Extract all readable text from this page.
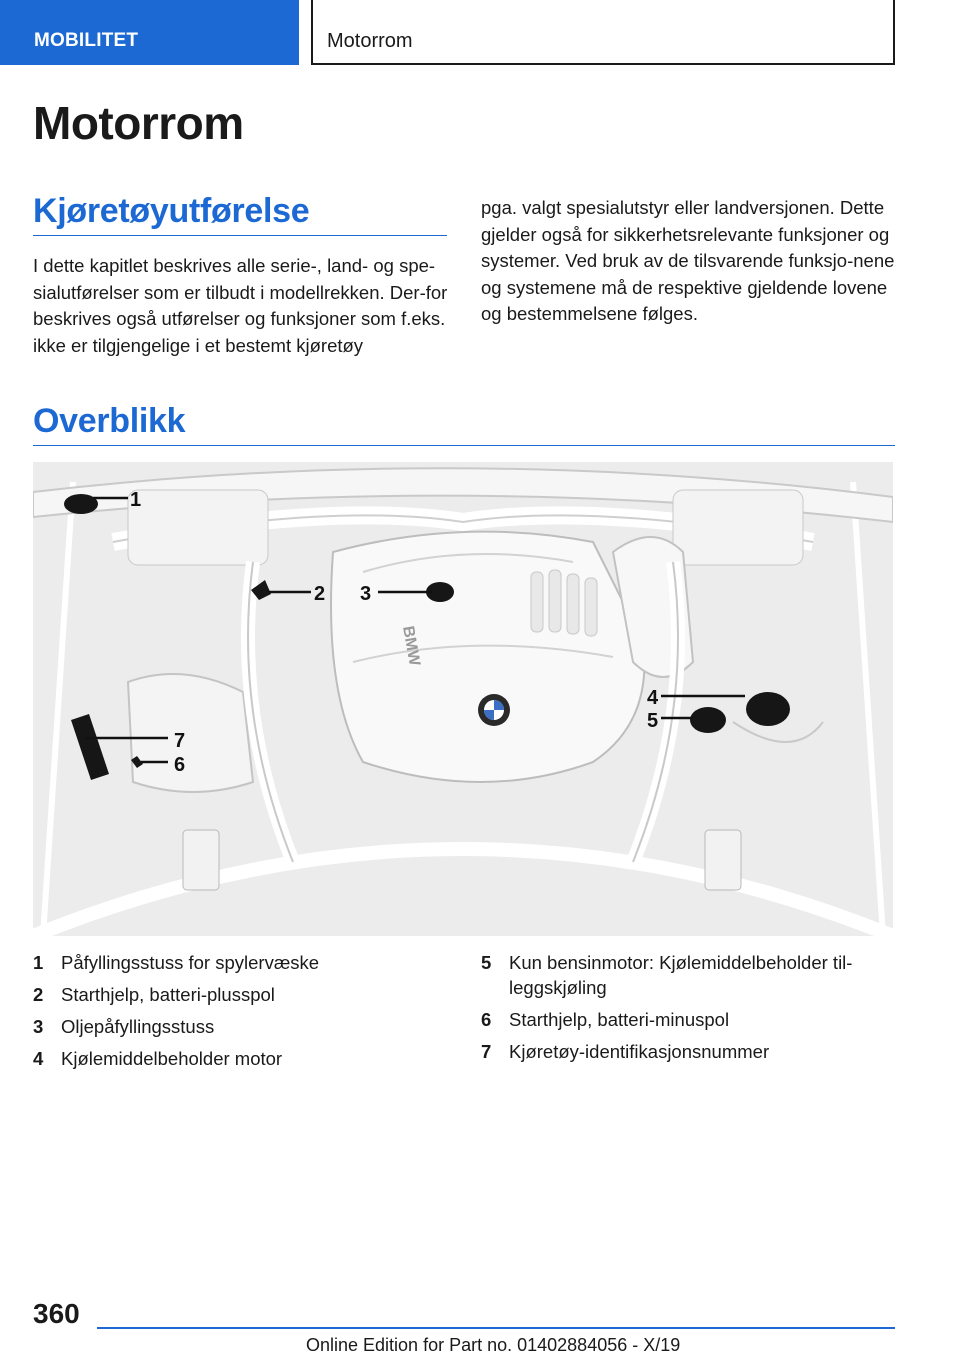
MOBILITET	Motorrom
Motorrom
Kjøretøyutførelse

I dette kapitlet beskrives alle serie-, land- og spe-sialutførelser som er tilbudt i modellrekken. Der-for beskrives også utførelser og funksjoner som f.eks. ikke er tilgjengelige i et bestemt kjøretøy

pga. valgt spesialutstyr eller landversjonen. Dette gjelder også for sikkerhetsrelevante funksjoner og systemer. Ved bruk av de tilsvarende funksjo-nene og systemene må de respektive gjeldende lovene og bestemmelsene følges.

Overblikk
BMW
1
2 3
4
5
6
7
1 Påfyllingsstuss for spylervæske
2 Starthjelp, batteri-plusspol
3 Oljepåfyllingsstuss
4 Kjølemiddelbeholder motor
5 Kun bensinmotor: Kjølemiddelbeholder til-leggskjøling
6 Starthjelp, batteri-minuspol
7 Kjøretøy-identifikasjonsnummer
360
Online Edition for Part no. 01402884056 - X/19
